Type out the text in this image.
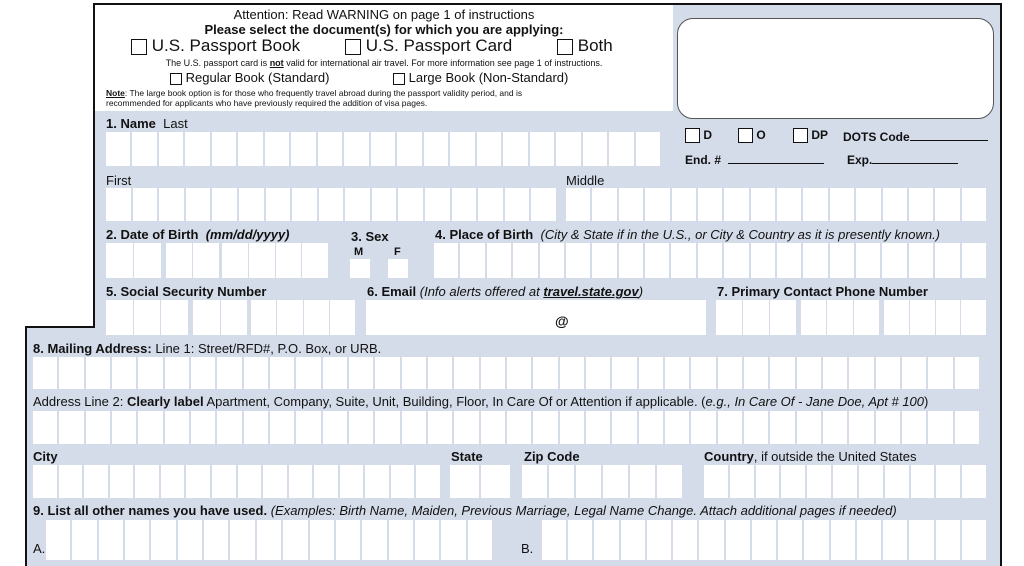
Attention: Read WARNING on page 1 of instructions
Please select the document(s) for which you are applying:
U.S. Passport Book	U.S. Passport Card	Both
The U.S. passport card is not valid for international air travel. For more information see page 1 of instructions.
Regular Book (Standard)	Large Book (Non-Standard)
Note: The large book option is for those who frequently travel abroad during the passport validity period, and is
recommended for applicants who have previously required the addition of visa pages.
D	O	DP DOTS Code
End. #	Exp.
1. Name Last
First	Middle
2. Date of Birth (mm/dd/yyyy)	3. Sex
M	F
4. Place of Birth (City & State if in the U.S., or City & Country as it is presently known.)
5. Social Security Number	6. Email (Info alerts offered at travel.state.gov)	7. Primary Contact Phone Number
8. Mailing Address: Line 1: Street/RFD#, P.O. Box, or URB.
Address Line 2: Clearly label Apartment, Company, Suite, Unit, Building, Floor, In Care Of or Attention if applicable. (e.g., In Care Of - Jane Doe, Apt # 100)
City	State	Zip Code	Country, if outside the United States
9. List all other names you have used. (Examples: Birth Name, Maiden, Previous Marriage, Legal Name Change. Attach additional pages if needed)
A.	B.
@
